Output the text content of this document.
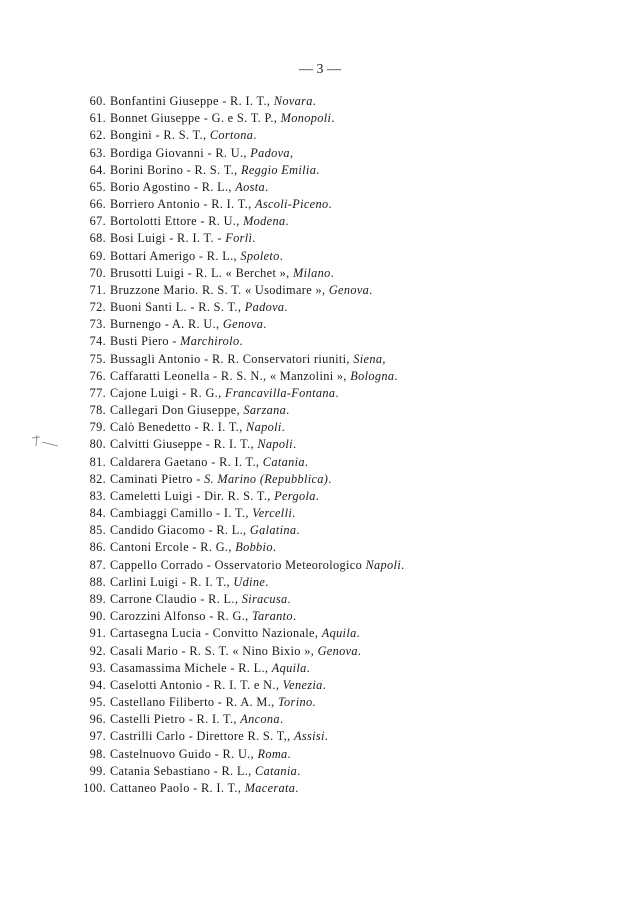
— 3 —
60. Bonfantini Giuseppe - R. I. T., Novara.
61. Bonnet Giuseppe - G. e S. T. P., Monopoli.
62. Bongini - R. S. T., Cortona.
63. Bordiga Giovanni - R. U., Padova,
64. Borini Borino - R. S. T., Reggio Emilia.
65. Borio Agostino - R. L., Aosta.
66. Borriero Antonio - R. I. T., Ascoli-Piceno.
67. Bortolotti Ettore - R. U., Modena.
68. Bosi Luigi - R. I. T. - Forlì.
69. Bottari Amerigo - R. L., Spoleto.
70. Brusotti Luigi - R. L. « Berchet », Milano.
71. Bruzzone Mario. R. S. T. « Usodimare », Genova.
72. Buoni Santi L. - R. S. T., Padova.
73. Burnengo - A. R. U., Genova.
74. Busti Piero - Marchirolo.
75. Bussagli Antonio - R. R. Conservatori riuniti, Siena,
76. Caffaratti Leonella - R. S. N., « Manzolini », Bologna.
77. Cajone Luigi - R. G., Francavilla-Fontana.
78. Callegari Don Giuseppe, Sarzana.
79. Calò Benedetto - R. I. T., Napoli.
80. Calvitti Giuseppe - R. I. T., Napoli.
81. Caldarera Gaetano - R. I. T., Catania.
82. Caminati Pietro - S. Marino (Repubblica).
83. Cameletti Luigi - Dir. R. S. T., Pergola.
84. Cambiaggi Camillo - I. T., Vercelli.
85. Candido Giacomo - R. L., Galatina.
86. Cantoni Ercole - R. G., Bobbio.
87. Cappello Corrado - Osservatorio Meteorologico Napoli.
88. Carlini Luigi - R. I. T., Udine.
89. Carrone Claudio - R. L., Siracusa.
90. Carozzini Alfonso - R. G., Taranto.
91. Cartasegna Lucia - Convitto Nazionale, Aquila.
92. Casali Mario - R. S. T. « Nino Bixio », Genova.
93. Casamassima Michele - R. L., Aquila.
94. Caselotti Antonio - R. I. T. e N., Venezia.
95. Castellano Filiberto - R. A. M., Torino.
96. Castelli Pietro - R. I. T., Ancona.
97. Castrilli Carlo - Direttore R. S. T,, Assisi.
98. Castelnuovo Guido - R. U., Roma.
99. Catania Sebastiano - R. L., Catania.
100. Cattaneo Paolo - R. I. T., Macerata.
